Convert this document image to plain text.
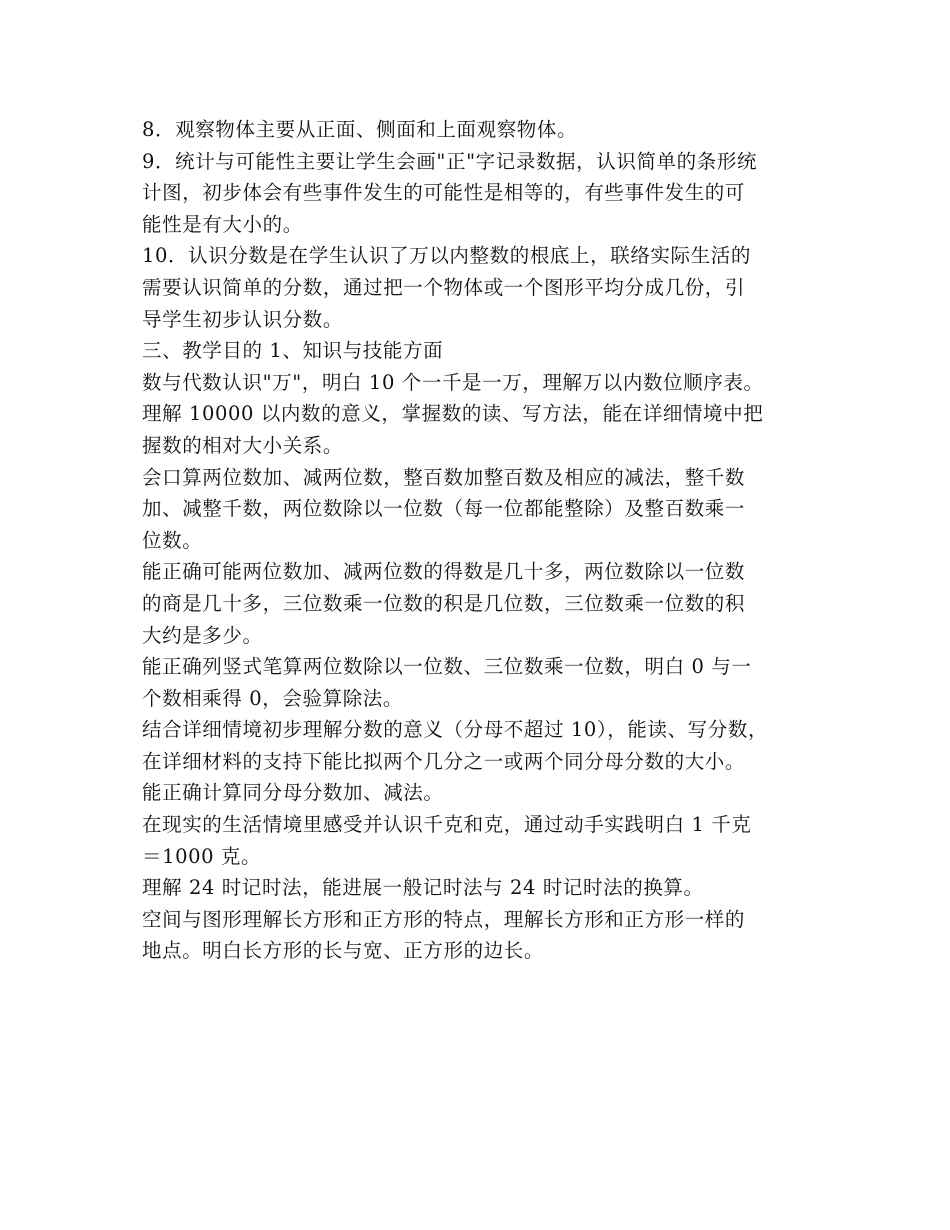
8．观察物体主要从正面、侧面和上面观察物体。
9．统计与可能性主要让学生会画"正"字记录数据，认识简单的条形统
计图，初步体会有些事件发生的可能性是相等的，有些事件发生的可
能性是有大小的。
10．认识分数是在学生认识了万以内整数的根底上，联络实际生活的
需要认识简单的分数，通过把一个物体或一个图形平均分成几份，引
导学生初步认识分数。
三、教学目的 1、知识与技能方面
数与代数认识"万"，明白 10 个一千是一万，理解万以内数位顺序表。
理解 10000 以内数的意义，掌握数的读、写方法，能在详细情境中把
握数的相对大小关系。
会口算两位数加、减两位数，整百数加整百数及相应的减法，整千数
加、减整千数，两位数除以一位数（每一位都能整除）及整百数乘一
位数。
能正确可能两位数加、减两位数的得数是几十多，两位数除以一位数
的商是几十多，三位数乘一位数的积是几位数，三位数乘一位数的积
大约是多少。
能正确列竖式笔算两位数除以一位数、三位数乘一位数，明白 0 与一
个数相乘得 0，会验算除法。
结合详细情境初步理解分数的意义（分母不超过 10），能读、写分数，
在详细材料的支持下能比拟两个几分之一或两个同分母分数的大小。
能正确计算同分母分数加、减法。
在现实的生活情境里感受并认识千克和克，通过动手实践明白 1 千克
＝1000 克。
理解 24 时记时法，能进展一般记时法与 24 时记时法的换算。
空间与图形理解长方形和正方形的特点，理解长方形和正方形一样的
地点。明白长方形的长与宽、正方形的边长。
